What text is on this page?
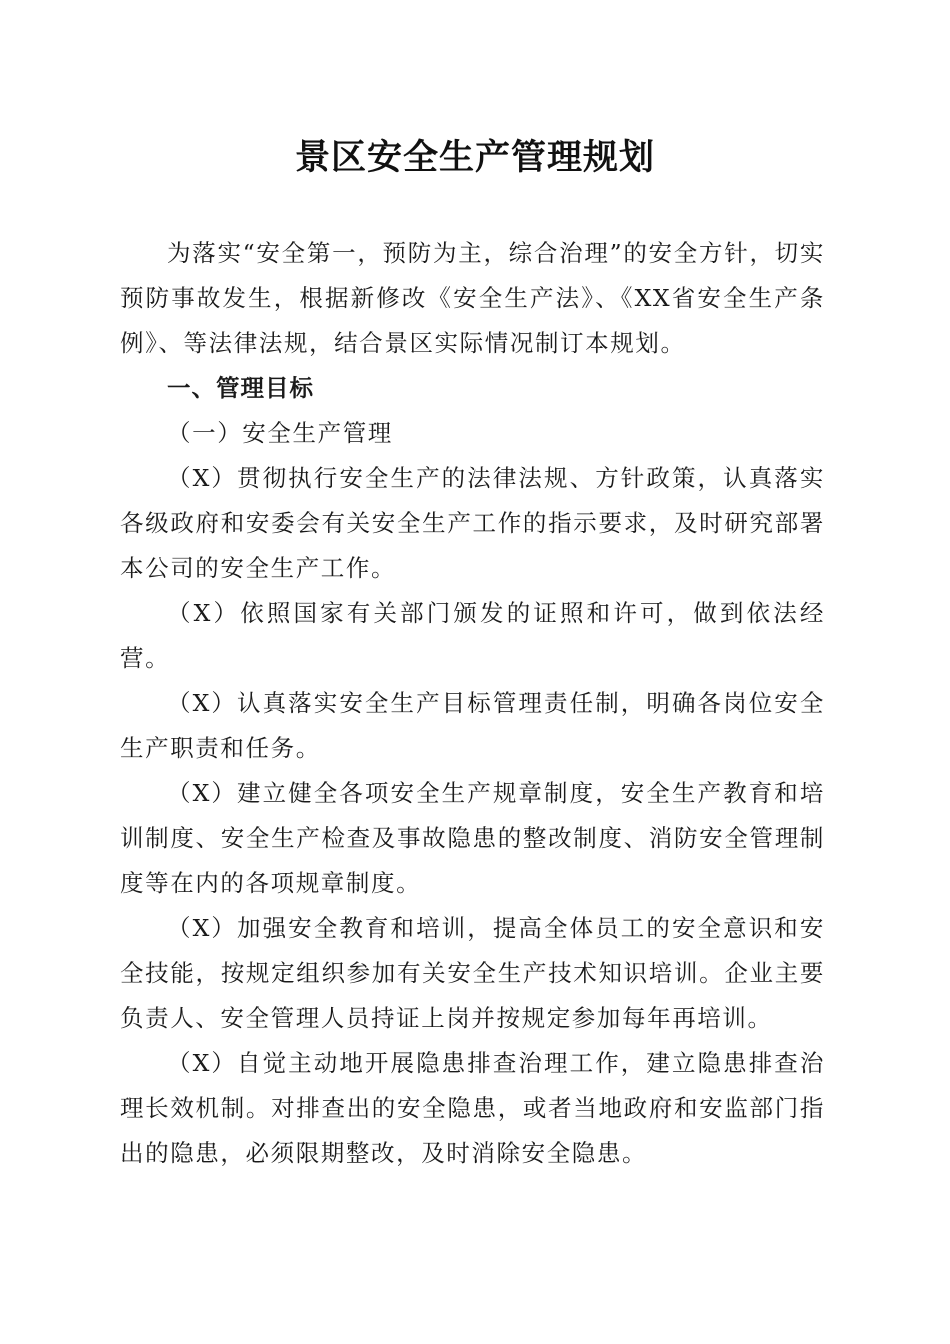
景区安全生产管理规划

为落实“安全第一，预防为主，综合治理”的安全方针，切实预防事故发生，根据新修改《安全生产法》、《XX省安全生产条例》、等法律法规，结合景区实际情况制订本规划。

一、管理目标

（一）安全生产管理

（X）贯彻执行安全生产的法律法规、方针政策，认真落实各级政府和安委会有关安全生产工作的指示要求，及时研究部署本公司的安全生产工作。

（X）依照国家有关部门颁发的证照和许可，做到依法经营。

（X）认真落实安全生产目标管理责任制，明确各岗位安全生产职责和任务。

（X）建立健全各项安全生产规章制度，安全生产教育和培训制度、安全生产检查及事故隐患的整改制度、消防安全管理制度等在内的各项规章制度。

（X）加强安全教育和培训，提高全体员工的安全意识和安全技能，按规定组织参加有关安全生产技术知识培训。企业主要负责人、安全管理人员持证上岗并按规定参加每年再培训。

（X）自觉主动地开展隐患排查治理工作，建立隐患排查治理长效机制。对排查出的安全隐患，或者当地政府和安监部门指出的隐患，必须限期整改，及时消除安全隐患。
